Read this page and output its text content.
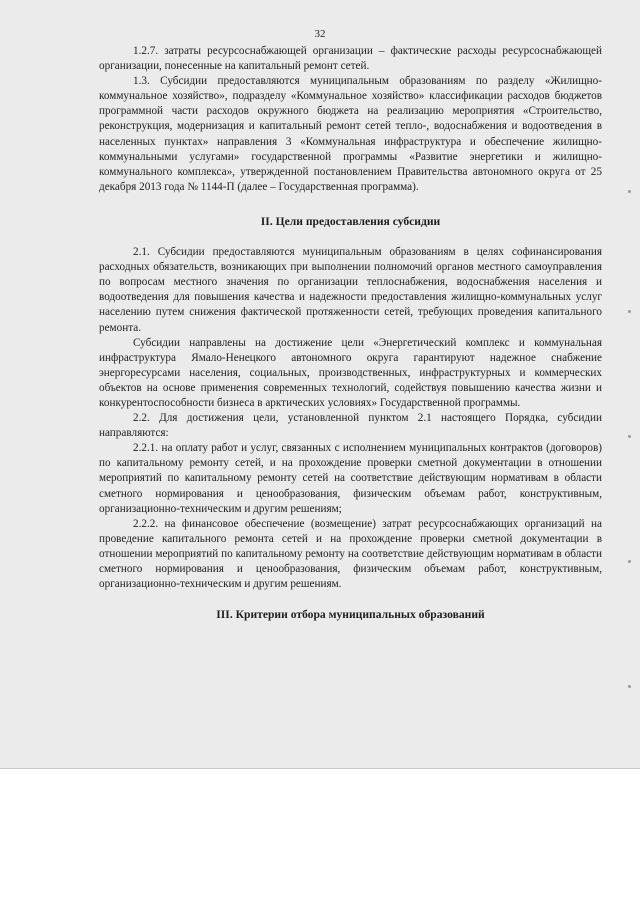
32

1.2.7. затраты ресурсоснабжающей организации – фактические расходы ресурсоснабжающей организации, понесенные на капитальный ремонт сетей.

1.3. Субсидии предоставляются муниципальным образованиям по разделу «Жилищно-коммунальное хозяйство», подразделу «Коммунальное хозяйство» классификации расходов бюджетов программной части расходов окружного бюджета на реализацию мероприятия «Строительство, реконструкция, модернизация и капитальный ремонт сетей тепло-, водоснабжения и водоотведения в населенных пунктах» направления 3 «Коммунальная инфраструктура и обеспечение жилищно-коммунальными услугами» государственной программы «Развитие энергетики и жилищно-коммунального комплекса», утвержденной постановлением Правительства автономного округа от 25 декабря 2013 года № 1144-П (далее – Государственная программа).

II. Цели предоставления субсидии

2.1. Субсидии предоставляются муниципальным образованиям в целях софинансирования расходных обязательств, возникающих при выполнении полномочий органов местного самоуправления по вопросам местного значения по организации теплоснабжения, водоснабжения населения и водоотведения для повышения качества и надежности предоставления жилищно-коммунальных услуг населению путем снижения фактической протяженности сетей, требующих проведения капитального ремонта.

Субсидии направлены на достижение цели «Энергетический комплекс и коммунальная инфраструктура Ямало-Ненецкого автономного округа гарантируют надежное снабжение энергоресурсами населения, социальных, производственных, инфраструктурных и коммерческих объектов на основе применения современных технологий, содействуя повышению качества жизни и конкурентоспособности бизнеса в арктических условиях» Государственной программы.

2.2. Для достижения цели, установленной пунктом 2.1 настоящего Порядка, субсидии направляются:

2.2.1. на оплату работ и услуг, связанных с исполнением муниципальных контрактов (договоров) по капитальному ремонту сетей, и на прохождение проверки сметной документации в отношении мероприятий по капитальному ремонту сетей на соответствие действующим нормативам в области сметного нормирования и ценообразования, физическим объемам работ, конструктивным, организационно-техническим и другим решениям;

2.2.2. на финансовое обеспечение (возмещение) затрат ресурсоснабжающих организаций на проведение капитального ремонта сетей и на прохождение проверки сметной документации в отношении мероприятий по капитальному ремонту на соответствие действующим нормативам в области сметного нормирования и ценообразования, физическим объемам работ, конструктивным, организационно-техническим и другим решениям.

III. Критерии отбора муниципальных образований
